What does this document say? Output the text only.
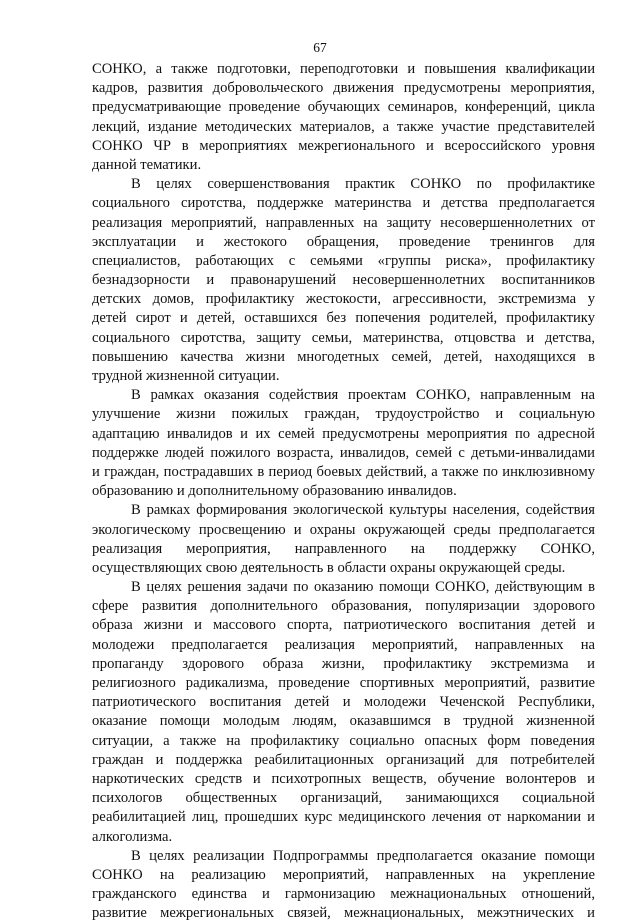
67
СОНКО, а также подготовки, переподготовки и повышения квалификации
кадров, развития добровольческого движения предусмотрены мероприятия,
предусматривающие проведение обучающих семинаров, конференций, цикла
лекций, издание методических материалов, а также участие представителей
СОНКО ЧР в мероприятиях межрегионального и всероссийского уровня
данной тематики.
В целях совершенствования практик СОНКО по профилактике
социального сиротства, поддержке материнства и детства предполагается
реализация мероприятий, направленных на защиту несовершеннолетних от
эксплуатации и жестокого обращения, проведение тренингов для
специалистов, работающих с семьями «группы риска», профилактику
безнадзорности и правонарушений несовершеннолетних воспитанников
детских домов, профилактику жестокости, агрессивности, экстремизма у
детей сирот и детей, оставшихся без попечения родителей, профилактику
социального сиротства, защиту семьи, материнства, отцовства и детства,
повышению качества жизни многодетных семей, детей, находящихся в
трудной жизненной ситуации.
В рамках оказания содействия проектам СОНКО, направленным на
улучшение жизни пожилых граждан, трудоустройство и социальную
адаптацию инвалидов и их семей предусмотрены мероприятия по адресной
поддержке людей пожилого возраста, инвалидов, семей с детьми-инвалидами
и граждан, пострадавших в период боевых действий, а также по инклюзивному
образованию и дополнительному образованию инвалидов.
В рамках формирования экологической культуры населения, содействия
экологическому просвещению и охраны окружающей среды предполагается
реализация мероприятия, направленного на поддержку СОНКО,
осуществляющих свою деятельность в области охраны окружающей среды.
В целях решения задачи по оказанию помощи СОНКО, действующим в
сфере развития дополнительного образования, популяризации здорового
образа жизни и массового спорта, патриотического воспитания детей и
молодежи предполагается реализация мероприятий, направленных на
пропаганду здорового образа жизни, профилактику экстремизма и
религиозного радикализма, проведение спортивных мероприятий, развитие
патриотического воспитания детей и молодежи Чеченской Республики,
оказание помощи молодым людям, оказавшимся в трудной жизненной
ситуации, а также на профилактику социально опасных форм поведения
граждан и поддержка реабилитационных организаций для потребителей
наркотических средств и психотропных веществ, обучение волонтеров и
психологов общественных организаций, занимающихся социальной
реабилитацией лиц, прошедших курс медицинского лечения от наркомании и
алкоголизма.
В целях реализации Подпрограммы предполагается оказание помощи
СОНКО на реализацию мероприятий, направленных на укрепление
гражданского единства и гармонизацию межнациональных отношений,
развитие межрегиональных связей, межнациональных, межэтнических и
